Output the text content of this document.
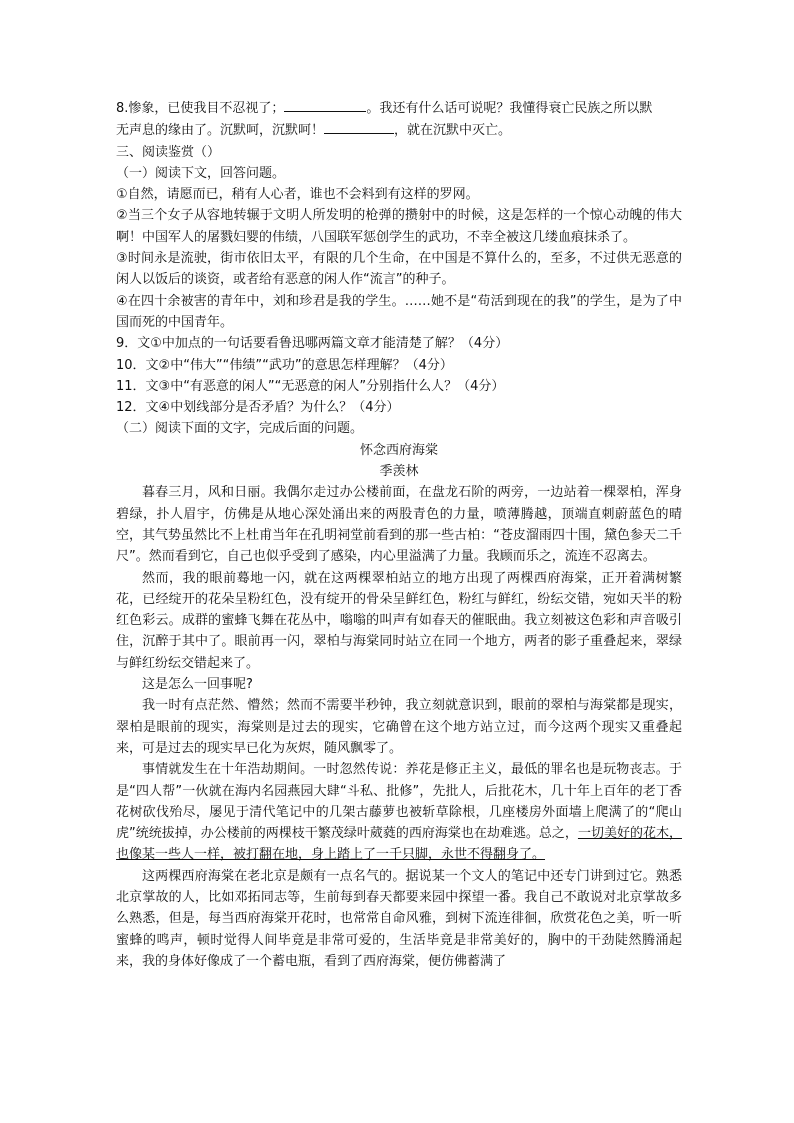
8.惨象，已使我目不忍视了；	。我还有什么话可说呢？我懂得衰亡民族之所以默
无声息的缘由了。沉默呵，沉默呵！	，就在沉默中灭亡。
三、阅读鉴赏（）
（一）阅读下文，回答问题。

①自然，请愿而已，稍有人心者，谁也不会料到有这样的罗网。

②当三个女子从容地转辗于文明人所发明的枪弹的攒射中的时候，这是怎样的一个惊心动魄的伟大啊！中国军人的屠戮妇婴的伟绩，八国联军惩创学生的武功，不幸全被这几缕血痕抹杀了。

③时间永是流驶，街市依旧太平，有限的几个生命，在中国是不算什么的，至多，不过供无恶意的闲人以饭后的谈资，或者给有恶意的闲人作“流言”的种子。

④在四十余被害的青年中，刘和珍君是我的学生。……她不是“苟活到现在的我”的学生，是为了中国而死的中国青年。

9．文①中加点的一句话要看鲁迅哪两篇文章才能清楚了解？（4分）
10．文②中“伟大”“伟绩”“武功”的意思怎样理解？（4分）
11．文③中“有恶意的闲人”“无恶意的闲人”分别指什么人？（4分）
12．文④中划线部分是否矛盾？为什么？（4分）
（二）阅读下面的文字，完成后面的问题。
怀念西府海棠
季羡林

暮春三月，风和日丽。我偶尔走过办公楼前面，在盘龙石阶的两旁，一边站着一棵翠柏，浑身碧绿，扑人眉宇，仿佛是从地心深处涌出来的两股青色的力量，喷薄腾越，顶端直刺蔚蓝色的晴空，其气势虽然比不上杜甫当年在孔明祠堂前看到的那一些古柏：“苍皮溜雨四十围，黛色参天二千尺”。然而看到它，自己也似乎受到了感染，内心里溢满了力量。我顾而乐之，流连不忍离去。

然而，我的眼前蓦地一闪，就在这两棵翠柏站立的地方出现了两棵西府海棠，正开着满树繁花，已经绽开的花朵呈粉红色，没有绽开的骨朵呈鲜红色，粉红与鲜红，纷纭交错，宛如天半的粉红色彩云。成群的蜜蜂飞舞在花丛中，嗡嗡的叫声有如春天的催眠曲。我立刻被这色彩和声音吸引住，沉醉于其中了。眼前再一闪，翠柏与海棠同时站立在同一个地方，两者的影子重叠起来，翠绿与鲜红纷纭交错起来了。

这是怎么一回事呢?

我一时有点茫然、懵然；然而不需要半秒钟，我立刻就意识到，眼前的翠柏与海棠都是现实，翠柏是眼前的现实，海棠则是过去的现实，它确曾在这个地方站立过，而今这两个现实又重叠起来，可是过去的现实早已化为灰烬，随风飘零了。

事情就发生在十年浩劫期间。一时忽然传说：养花是修正主义，最低的罪名也是玩物丧志。于是“四人帮”一伙就在海内名园燕园大肆“斗私、批修”，先批人，后批花木，几十年上百年的老丁香花树砍伐殆尽，屡见于清代笔记中的几架古藤萝也被斩草除根，几座楼房外面墙上爬满了的“爬山虎”统统拔掉，办公楼前的两棵枝干繁茂绿叶葳蕤的西府海棠也在劫难逃。总之，一切美好的花木，也像某一些人一样，被打翻在地，身上踏上了一千只脚，永世不得翻身了。

这两棵西府海棠在老北京是颇有一点名气的。据说某一个文人的笔记中还专门讲到过它。熟悉北京掌故的人，比如邓拓同志等，生前每到春天都要来园中探望一番。我自己不敢说对北京掌故多么熟悉，但是，每当西府海棠开花时，也常常自命风雅，到树下流连徘徊，欣赏花色之美，听一听蜜蜂的鸣声，顿时觉得人间毕竟是非常可爱的，生活毕竟是非常美好的，胸中的干劲陡然腾涌起来，我的身体好像成了一个蓄电瓶，看到了西府海棠，便仿佛蓄满了
